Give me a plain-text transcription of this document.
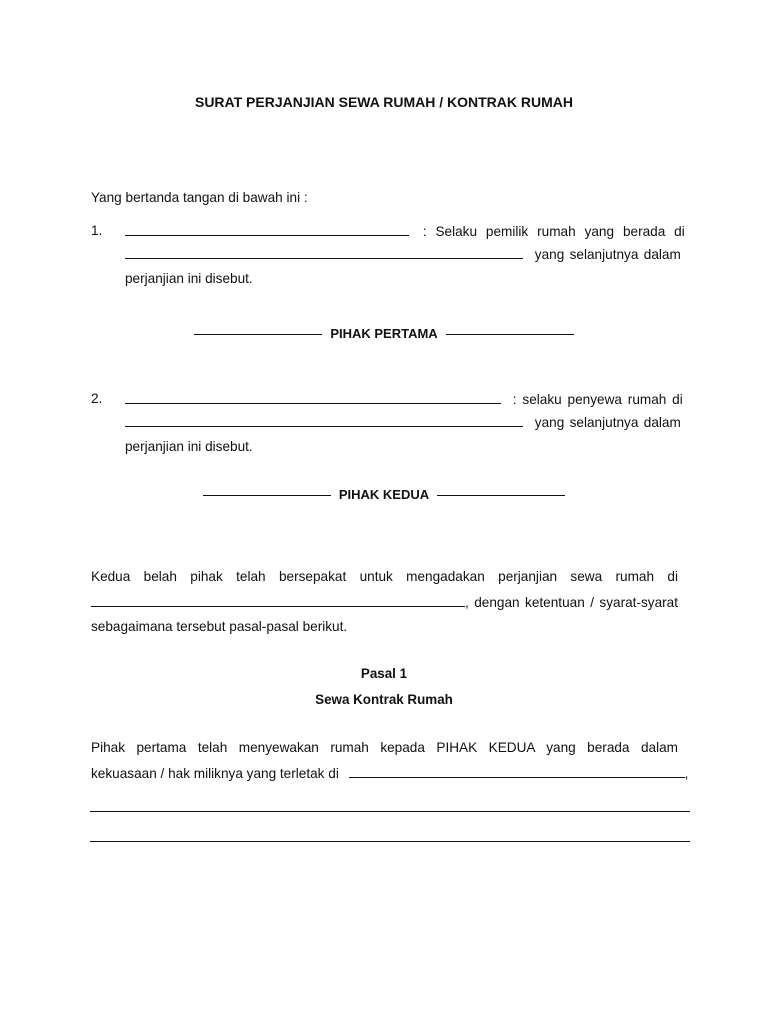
SURAT PERJANJIAN SEWA RUMAH / KONTRAK RUMAH
Yang bertanda tangan di bawah ini :
1.	: Selaku pemilik rumah yang berada di
yang selanjutnya dalam
perjanjian ini disebut.
PIHAK PERTAMA
2.	: selaku penyewa rumah di
yang selanjutnya dalam
perjanjian ini disebut.
PIHAK KEDUA
Kedua belah pihak telah bersepakat untuk mengadakan perjanjian sewa rumah di
, dengan ketentuan / syarat-syarat
sebagaimana tersebut pasal-pasal berikut.
Pasal 1
Sewa Kontrak Rumah
Pihak pertama telah menyewakan rumah kepada PIHAK KEDUA yang berada dalam
kekuasaan / hak miliknya yang terletak di	,
